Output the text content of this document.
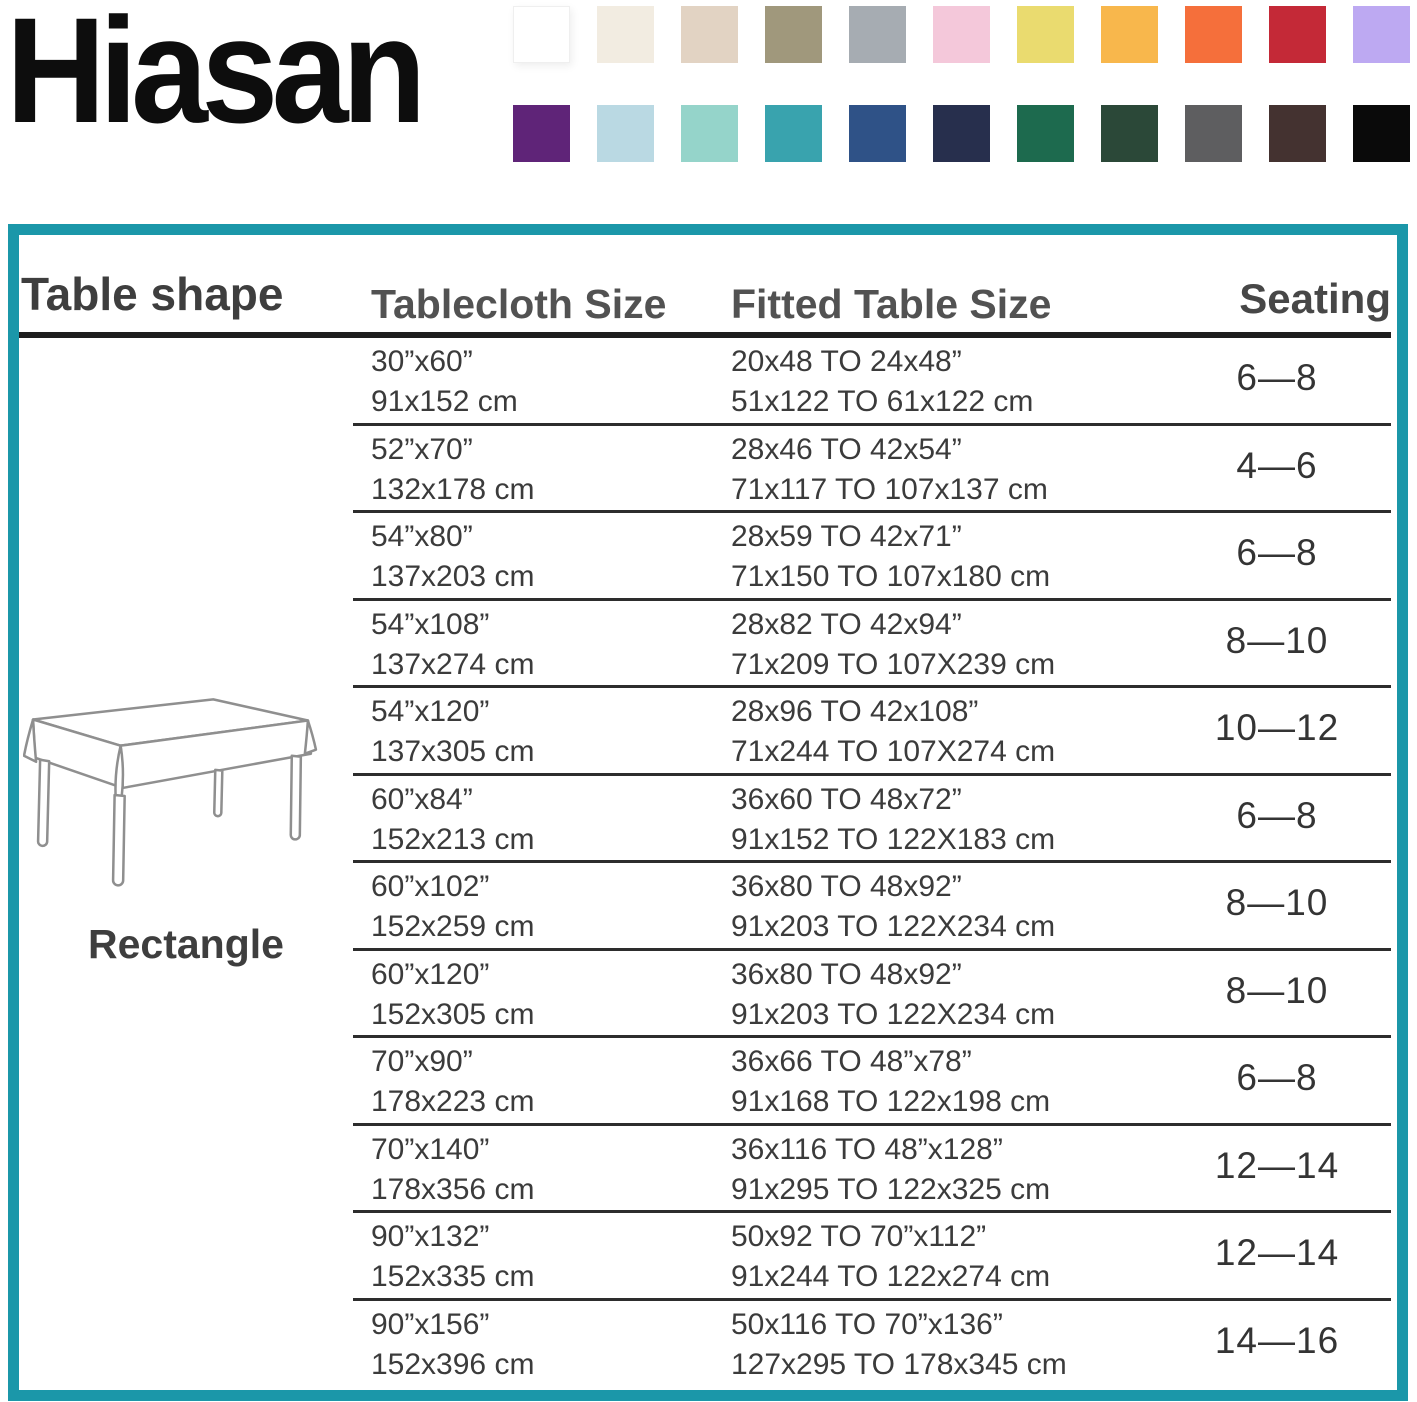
Hiasan
Table shape Tablecloth Size Fitted Table Size	Seating
30”x60”
91x152 cm
20x48 TO 24x48”
51x122 TO 61x122 cm
6—8
52”x70”
132x178 cm
28x46 TO 42x54”
71x117 TO 107x137 cm
4—6
54”x80”
137x203 cm
28x59 TO 42x71”
71x150 TO 107x180 cm
6—8
54”x108”
137x274 cm
28x82 TO 42x94”
71x209 TO 107X239 cm
8—10
54”x120”
137x305 cm
28x96 TO 42x108”
71x244 TO 107X274 cm
10—12
60”x84”
152x213 cm
36x60 TO 48x72”
91x152 TO 122X183 cm
6—8
60”x102”
152x259 cm
36x80 TO 48x92”
91x203 TO 122X234 cm
8—10
60”x120”
152x305 cm
36x80 TO 48x92”
91x203 TO 122X234 cm
8—10
70”x90”
178x223 cm
36x66 TO 48”x78”
91x168 TO 122x198 cm
6—8
70”x140”
178x356 cm
36x116 TO 48”x128”
91x295 TO 122x325 cm
12—14
90”x132”
152x335 cm
50x92 TO 70”x112”
91x244 TO 122x274 cm
12—14
90”x156”
152x396 cm
50x116 TO 70”x136”
127x295 TO 178x345 cm
14—16
Rectangle
